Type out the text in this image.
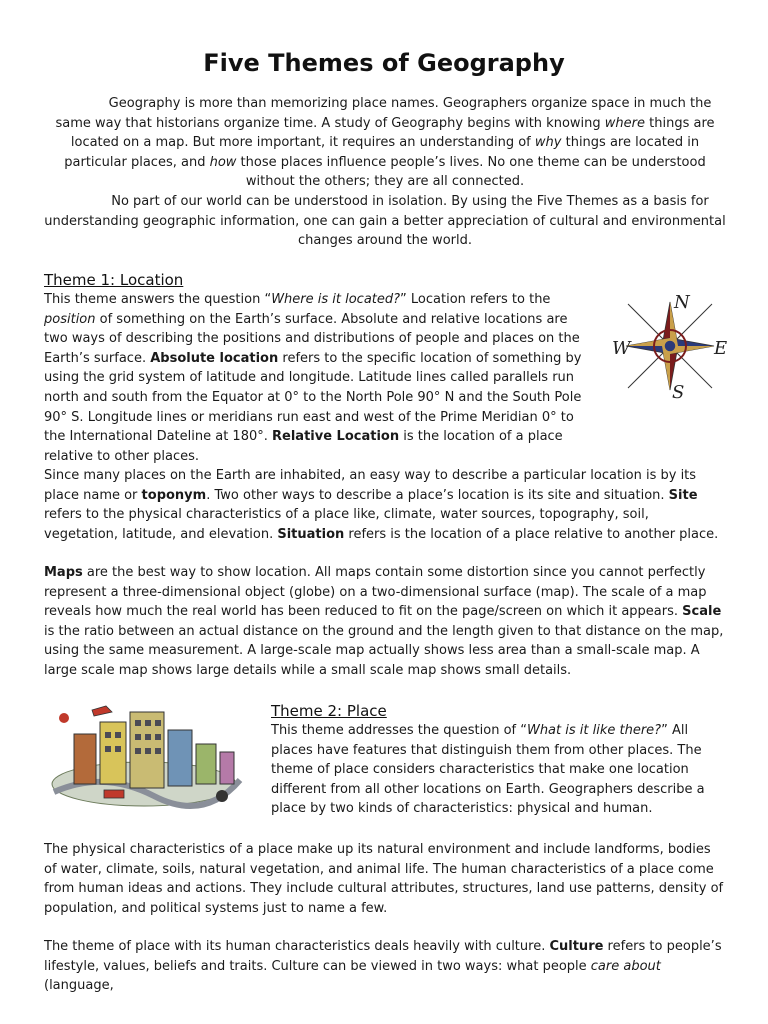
Five Themes of Geography

Geography is more than memorizing place names. Geographers organize space in much the same way that historians organize time. A study of Geography begins with knowing where things are located on a map. But more important, it requires an understanding of why things are located in particular places, and how those places influence people’s lives. No one theme can be understood without the others; they are all connected.

No part of our world can be understood in isolation. By using the Five Themes as a basis for understanding geographic information, one can gain a better appreciation of cultural and environmental changes around the world.

Theme 1: Location

This theme answers the question “Where is it located?” Location refers to the position of something on the Earth’s surface. Absolute and relative locations are two ways of describing the positions and distributions of people and places on the Earth’s surface. Absolute location refers to the specific location of something by using the grid system of latitude and longitude. Latitude lines called parallels run north and south from the Equator at 0° to the North Pole 90° N and the South Pole 90° S. Longitude lines or meridians run east and west of the Prime Meridian 0° to the International Dateline at 180°. Relative Location is the location of a place relative to other places.

N
S
E
W

Since many places on the Earth are inhabited, an easy way to describe a particular location is by its place name or toponym. Two other ways to describe a place’s location is its site and situation. Site refers to the physical characteristics of a place like, climate, water sources, topography, soil, vegetation, latitude, and elevation. Situation refers is the location of a place relative to another place.

Maps are the best way to show location. All maps contain some distortion since you cannot perfectly represent a three-dimensional object (globe) on a two-dimensional surface (map). The scale of a map reveals how much the real world has been reduced to fit on the page/screen on which it appears. Scale is the ratio between an actual distance on the ground and the length given to that distance on the map, using the same measurement. A large-scale map actually shows less area than a small-scale map. A large scale map shows large details while a small scale map shows small details.

Theme 2: Place

This theme addresses the question of “What is it like there?” All places have features that distinguish them from other places. The theme of place considers characteristics that make one location different from all other locations on Earth. Geographers describe a place by two kinds of characteristics: physical and human.

The physical characteristics of a place make up its natural environment and include landforms, bodies of water, climate, soils, natural vegetation, and animal life. The human characteristics of a place come from human ideas and actions. They include cultural attributes, structures, land use patterns, density of population, and political systems just to name a few.

The theme of place with its human characteristics deals heavily with culture. Culture refers to people’s lifestyle, values, beliefs and traits. Culture can be viewed in two ways: what people care about (language,
